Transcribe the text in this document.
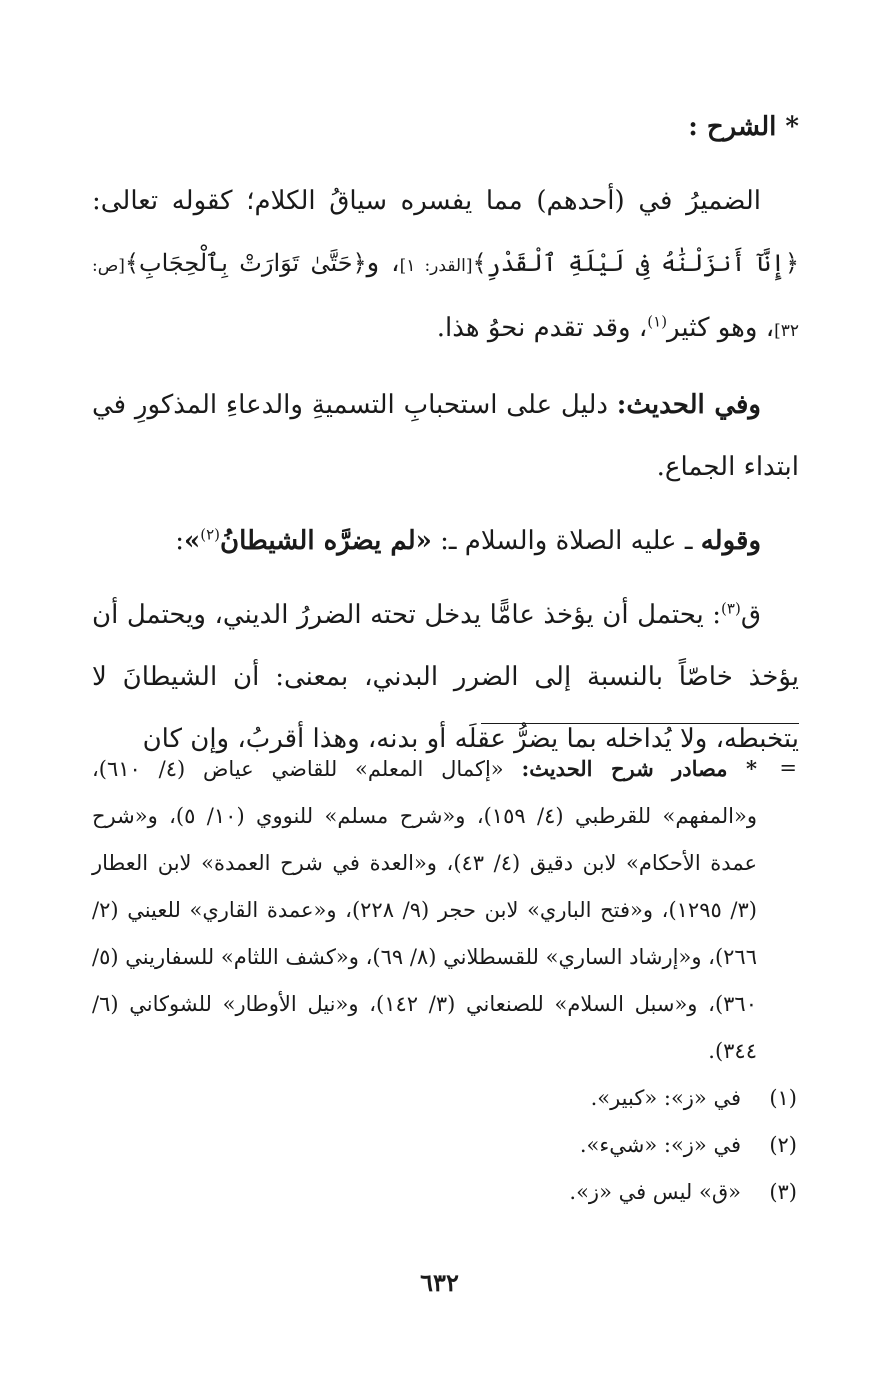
* الشرح :

الضميرُ في (أحدهم) مما يفسره سياقُ الكلام؛ كقوله تعالى: ﴿إِنَّآ أَنزَلْنَٰهُ فِى لَيْلَةِ ٱلْقَدْرِ﴾[القدر: ١]، و﴿حَتَّىٰ تَوَارَتْ بِٱلْحِجَابِ﴾[ص: ٣٢]، وهو كثير$^{(١)}$، وقد تقدم نحوُ هذا.

وفي الحديث: دليل على استحبابِ التسميةِ والدعاءِ المذكورِ في ابتداء الجماع.

وقوله ـ عليه الصلاة والسلام ـ: «لم يضرَّه الشيطانُ$^{(٢)}$»:

ق$^{(٣)}$: يحتمل أن يؤخذ عامًّا يدخل تحته الضررُ الديني، ويحتمل أن يؤخذ خاصّاً بالنسبة إلى الضرر البدني، بمعنى: أن الشيطانَ لا يتخبطه، ولا يُداخله بما يضرُّ عقلَه أو بدنه، وهذا أقربُ، وإن كان

=
* مصادر شرح الحديث: «إكمال المعلم» للقاضي عياض (٤/ ٦١٠)، و«المفهم» للقرطبي (٤/ ١٥٩)، و«شرح مسلم» للنووي (١٠/ ٥)، و«شرح عمدة الأحكام» لابن دقيق (٤/ ٤٣)، و«العدة في شرح العمدة» لابن العطار (٣/ ١٢٩٥)، و«فتح الباري» لابن حجر (٩/ ٢٢٨)، و«عمدة القاري» للعيني (٢/ ٢٦٦)، و«إرشاد الساري» للقسطلاني (٨/ ٦٩)، و«كشف اللثام» للسفاريني (٥/ ٣٦٠)، و«سبل السلام» للصنعاني (٣/ ١٤٢)، و«نيل الأوطار» للشوكاني (٦/ ٣٤٤).

(١)في «ز»: «كبير».

(٢)في «ز»: «شيء».

(٣)«ق» ليس في «ز».

٦٣٢
